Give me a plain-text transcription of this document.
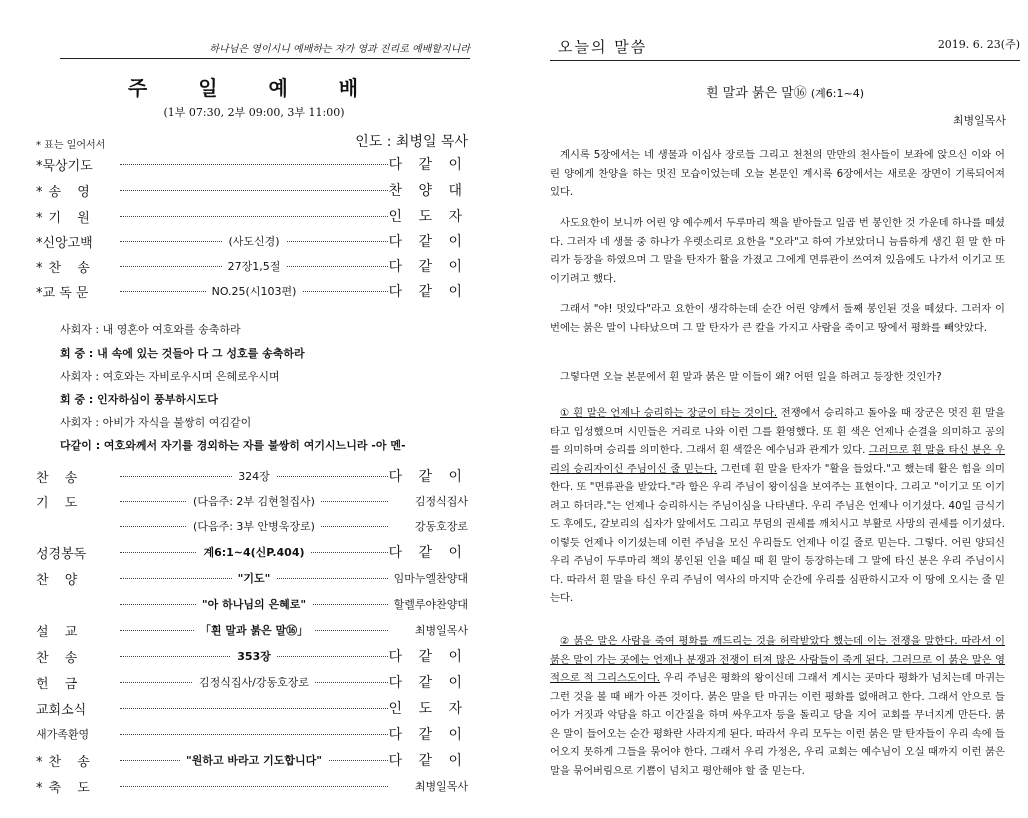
하나님은 영이시니 예배하는 자가 영과 진리로 예배할지니라
주 일 예 배
(1부 07:30, 2부 09:00, 3부 11:00)
* 표는 일어서서	인도 : 최병일 목사
*묵상기도	다 같 이
*송 영	찬 양 대
*기 원	인 도 자
*신앙고백	(사도신경)	다 같 이
*찬 송	27장1,5절	다 같 이
*교 독 문	NO.25(시103편)	다 같 이
사회자 : 내 영혼아 여호와를 송축하라
회 중 : 내 속에 있는 것들아 다 그 성호를 송축하라
사회자 : 여호와는 자비로우시며 은혜로우시며
회 중 : 인자하심이 풍부하시도다
사회자 : 아비가 자식을 불쌍히 여김같이
다같이 : 여호와께서 자기를 경외하는 자를 불쌍히 여기시느니라 -아 멘-
찬 송	324장	다 같 이
기 도	(다음주: 2부 김현철집사)	김정식집사
(다음주: 3부 안병욱장로)	강동호장로
성경봉독	계6:1~4(신P.404)	다 같 이
찬 양	"기도"	임마누엘찬양대
"아 하나님의 은혜로"	할렐루야찬양대
설 교	「흰 말과 붉은 말⑯」	최병일목사
찬 송	353장	다 같 이
헌 금	김정식집사/강동호장로	다 같 이
교회소식	인 도 자
새가족환영	다 같 이
*찬 송	"원하고 바라고 기도합니다"	다 같 이
*축 도	최병일목사
오늘의 말씀	2019. 6. 23(주)
흰 말과 붉은 말⑯ (계6:1~4)
최병일목사
계시록 5장에서는 네 생물과 이십사 장로들 그리고 천천의 만만의 천사들이 보좌에 앉으신 이와 어린 양에게 찬양을 하는 멋진 모습이었는데 오늘 본문인 계시록 6장에서는 새로운 장면이 기록되어져 있다.
사도요한이 보니까 어린 양 예수께서 두루마리 책을 받아들고 일곱 번 봉인한 것 가운데 하나를 떼셨다. 그러자 네 생물 중 하나가 우렛소리로 요한을 "오라"고 하여 가보았더니 늠름하게 생긴 흰 말 한 마리가 등장을 하였으며 그 말을 탄자가 활을 가졌고 그에게 면류관이 쓰여져 있음에도 나가서 이기고 또 이기려고 했다.
그래서 "야! 멋있다"라고 요한이 생각하는데 순간 어린 양께서 둘째 봉인된 것을 떼셨다. 그러자 이번에는 붉은 말이 나타났으며 그 말 탄자가 큰 칼을 가지고 사람을 죽이고 땅에서 평화를 빼앗았다.
그렇다면 오늘 본문에서 흰 말과 붉은 말 이들이 왜? 어떤 일을 하려고 등장한 것인가?
① 흰 말은 언제나 승리하는 장군이 타는 것이다. 전쟁에서 승리하고 돌아올 때 장군은 멋진 흰 말을 타고 입성했으며 시민들은 거리로 나와 이런 그를 환영했다. 또 흰 색은 언제나 순결을 의미하고 공의를 의미하며 승리를 의미한다. 그래서 흰 색깔은 예수님과 관계가 있다. 그러므로 흰 말을 타신 분은 우리의 승리자이신 주님이신 줄 믿는다. 그런데 흰 말을 탄자가 "활을 들었다."고 했는데 활은 힘을 의미한다. 또 "면류관을 받았다."라 함은 우리 주님이 왕이심을 보여주는 표현이다. 그리고 "이기고 또 이기려고 하더라."는 언제나 승리하시는 주님이심을 나타낸다. 우리 주님은 언제나 이기셨다. 40일 금식기도 후에도, 갈보리의 십자가 앞에서도 그리고 무덤의 권세를 깨치시고 부활로 사망의 권세를 이기셨다. 이렇듯 언제나 이기셨는데 이런 주님을 모신 우리들도 언제나 이길 줄로 믿는다. 그렇다. 어린 양되신 우리 주님이 두루마리 책의 봉인된 인을 떼실 때 흰 말이 등장하는데 그 말에 타신 분은 우리 주님이시다. 따라서 흰 말을 타신 우리 주님이 역사의 마지막 순간에 우리를 심판하시고자 이 땅에 오시는 줄 믿는다.
② 붉은 말은 사람을 죽여 평화를 깨드리는 것을 허락받았다 했는데 이는 전쟁을 말한다. 따라서 이 붉은 말이 가는 곳에는 언제나 분쟁과 전쟁이 터져 많은 사람들이 죽게 된다. 그러므로 이 붉은 말은 영적으로 적 그리스도이다. 우리 주님은 평화의 왕이신데 그래서 계시는 곳마다 평화가 넘치는데 마귀는 그런 것을 볼 때 배가 아픈 것이다. 붉은 말을 탄 마귀는 이런 평화를 없애려고 한다. 그래서 안으로 들어가 거짓과 악담을 하고 이간질을 하며 싸우고자 등을 돌리고 당을 지어 교회를 무너지게 만든다. 붉은 말이 들어오는 순간 평화란 사라지게 된다. 따라서 우리 모두는 이런 붉은 말 탄자들이 우리 속에 들어오지 못하게 그들을 묶어야 한다. 그래서 우리 가정은, 우리 교회는 예수님이 오실 때까지 이런 붉은 말을 묶어버림으로 기쁨이 넘치고 평안해야 할 줄 믿는다.
